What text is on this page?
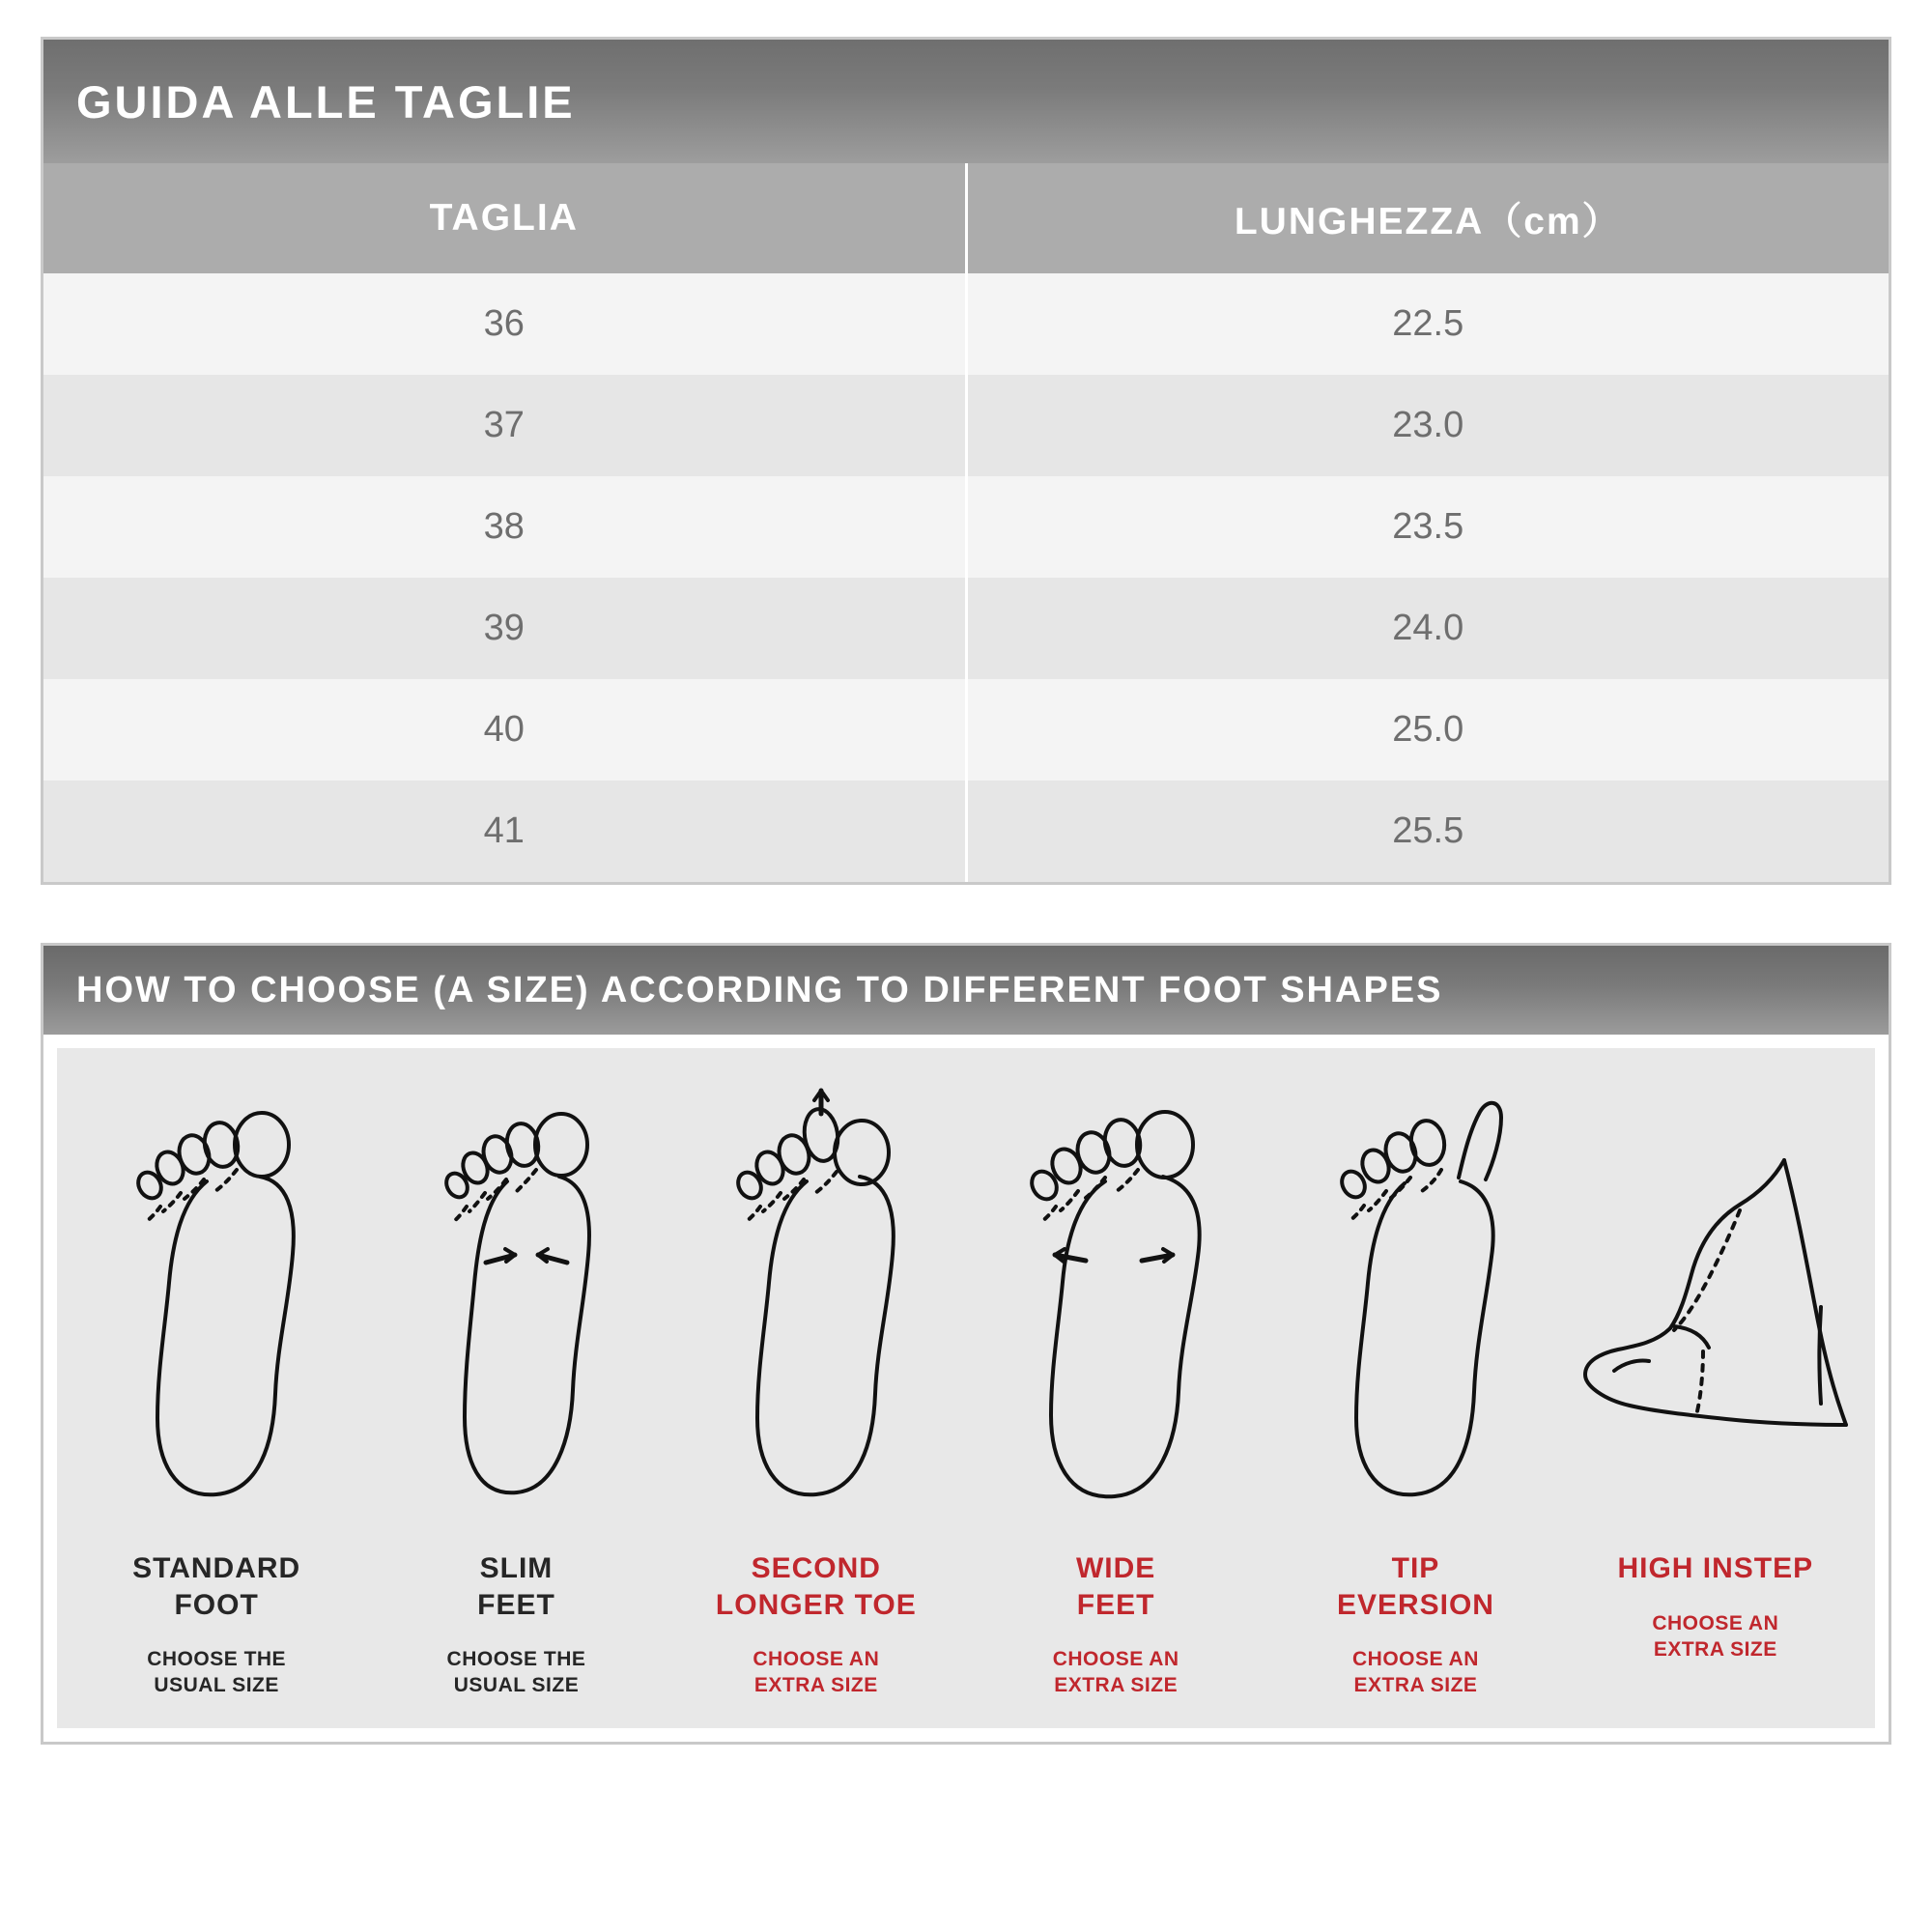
GUIDA ALLE TAGLIE
TAGLIA	LUNGHEZZA（cm）
36	22.5
37	23.0
38	23.5
39	24.0
40	25.0
41	25.5
HOW TO CHOOSE (A SIZE) ACCORDING TO DIFFERENT FOOT SHAPES
STANDARD
FOOT
CHOOSE THE
USUAL SIZE
SLIM
FEET
CHOOSE THE
USUAL SIZE
SECOND
LONGER TOE
CHOOSE AN
EXTRA SIZE
WIDE
FEET
CHOOSE AN
EXTRA SIZE
TIP
EVERSION
CHOOSE AN
EXTRA SIZE
HIGH INSTEP
CHOOSE AN
EXTRA SIZE
